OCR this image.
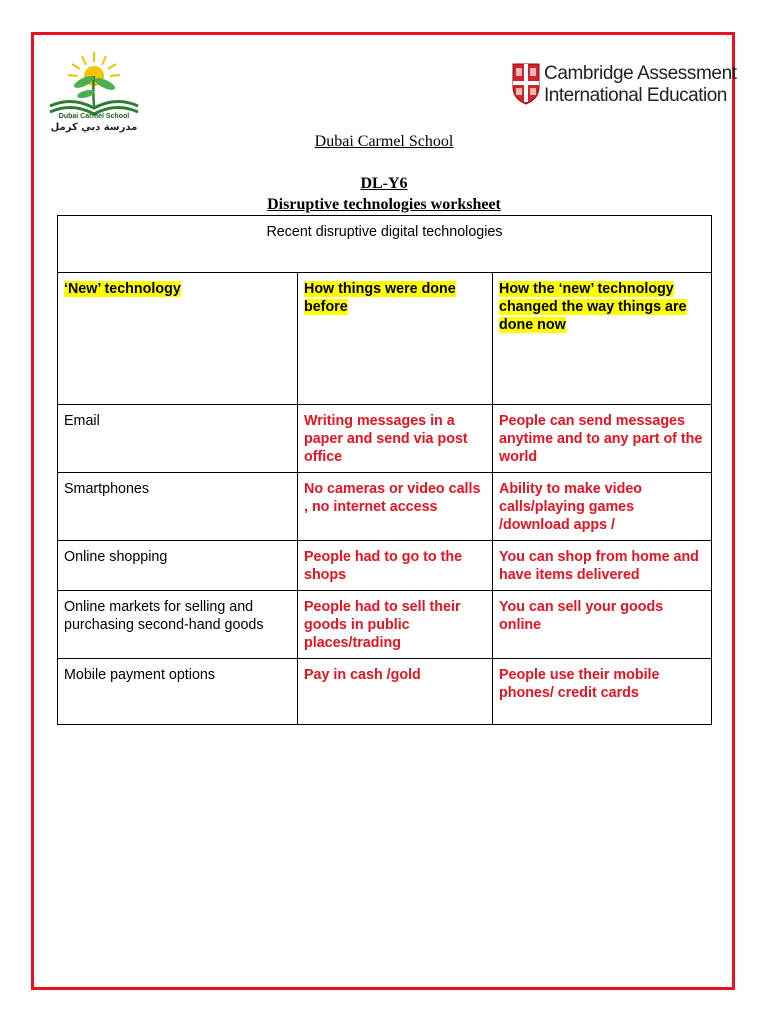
Dubai Carmel School
مدرسة دبي كرمل
Cambridge Assessment
International Education
Dubai Carmel School
DL-Y6
Disruptive technologies worksheet
Recent disruptive digital technologies		
‘New’ technology	How things were done before	How the ‘new’ technology changed the way things are done now
Email	Writing messages in a paper and send via post office	People can send messages anytime and to any part of the world
Smartphones	No cameras or video calls , no internet access	Ability to make video calls/playing games /download apps /
Online shopping	People had to go to the shops	You can shop from home and have items delivered
Online markets for selling and purchasing second-hand goods	People had to sell their goods in public places/trading	You can sell your goods online
Mobile payment options	Pay in cash /gold	People use their mobile phones/ credit cards
